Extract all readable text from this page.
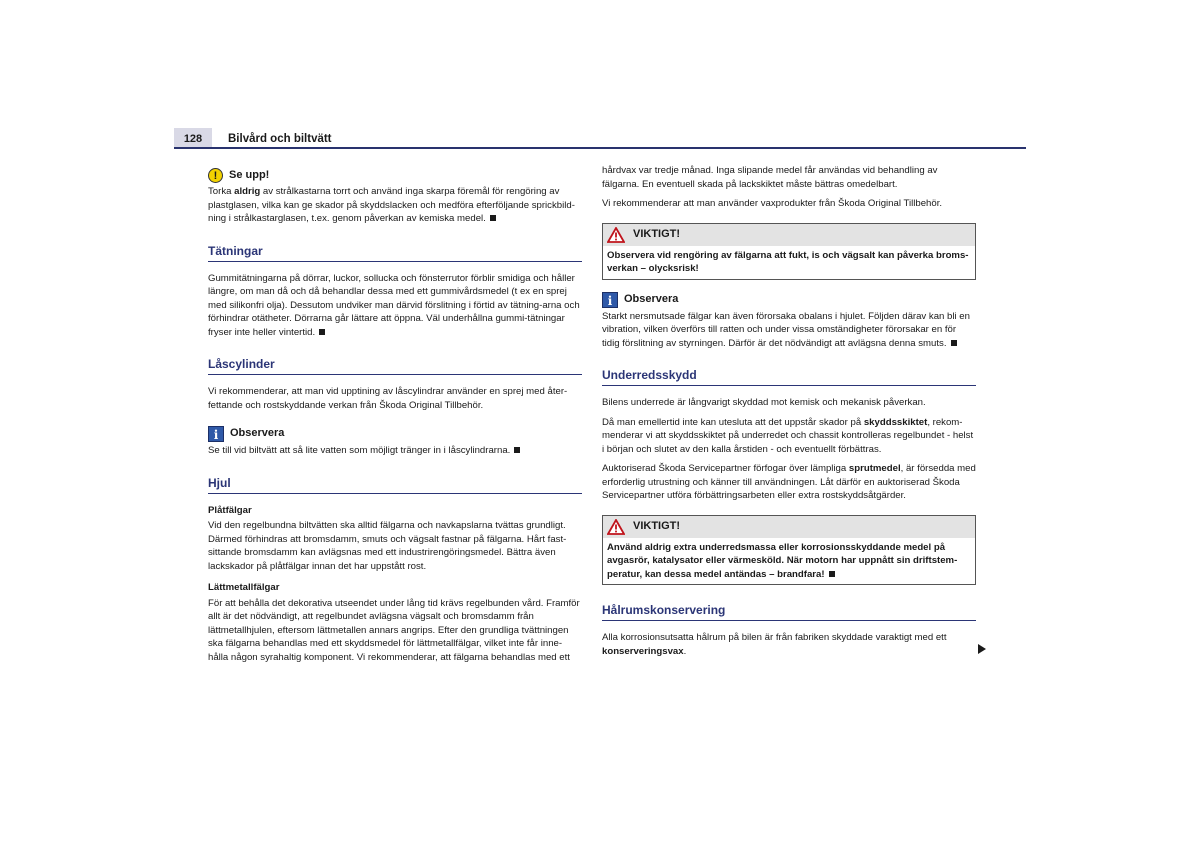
128	Bilvård och biltvätt
!	Se upp!

Torka aldrig av strålkastarna torrt och använd inga skarpa föremål för rengöring av plastglasen, vilka kan ge skador på skyddslacken och medföra efterföljande sprickbild-ning i strålkastarglasen, t.ex. genom påverkan av kemiska medel.

Tätningar

Gummitätningarna på dörrar, luckor, sollucka och fönsterrutor förblir smidiga och håller längre, om man då och då behandlar dessa med ett gummivårdsmedel (t ex en sprej med silikonfri olja). Dessutom undviker man därvid förslitning i förtid av tätning-arna och förhindrar otätheter. Dörrarna går lättare att öppna. Väl underhållna gummi-tätningar fryser inte heller vintertid.

Låscylinder

Vi rekommenderar, att man vid upptining av låscylindrar använder en sprej med åter-fettande och rostskyddande verkan från Škoda Original Tillbehör.

i	Observera

Se till vid biltvätt att så lite vatten som möjligt tränger in i låscylindrarna.

Hjul
Plåtfälgar

Vid den regelbundna biltvätten ska alltid fälgarna och navkapslarna tvättas grundligt. Därmed förhindras att bromsdamm, smuts och vägsalt fastnar på fälgarna. Hårt fast-sittande bromsdamm kan avlägsnas med ett industrirengöringsmedel. Bättra även lackskador på plåtfälgar innan det har uppstått rost.

Lättmetallfälgar

För att behålla det dekorativa utseendet under lång tid krävs regelbunden vård. Framför allt är det nödvändigt, att regelbundet avlägsna vägsalt och bromsdamm från lättmetallhjulen, eftersom lättmetallen annars angrips. Efter den grundliga tvättningen ska fälgarna behandlas med ett skyddsmedel för lättmetallfälgar, vilket inte får inne-hålla någon syrahaltig komponent. Vi rekommenderar, att fälgarna behandlas med ett

hårdvax var tredje månad. Inga slipande medel får användas vid behandling av fälgarna. En eventuell skada på lackskiktet måste bättras omedelbart.

Vi rekommenderar att man använder vaxprodukter från Škoda Original Tillbehör.

VIKTIGT!
Observera vid rengöring av fälgarna att fukt, is och vägsalt kan påverka broms-verkan – olycksrisk!
i	Observera

Starkt nersmutsade fälgar kan även förorsaka obalans i hjulet. Följden därav kan bli en vibration, vilken överförs till ratten och under vissa omständigheter förorsakar en för tidig förslitning av styrningen. Därför är det nödvändigt att avlägsna denna smuts.

Underredsskydd

Bilens underrede är långvarigt skyddad mot kemisk och mekanisk påverkan.

Då man emellertid inte kan utesluta att det uppstår skador på skyddsskiktet, rekom-menderar vi att skyddsskiktet på underredet och chassit kontrolleras regelbundet - helst i början och slutet av den kalla årstiden - och eventuellt förbättras.

Auktoriserad Škoda Servicepartner förfogar över lämpliga sprutmedel, är försedda med erforderlig utrustning och känner till användningen. Låt därför en auktoriserad Škoda Servicepartner utföra förbättringsarbeten eller extra rostskyddsåtgärder.

VIKTIGT!
Använd aldrig extra underredsmassa eller korrosionsskyddande medel på avgasrör, katalysator eller värmesköld. När motorn har uppnått sin driftstem-peratur, kan dessa medel antändas – brandfara!
Hålrumskonservering

Alla korrosionsutsatta hålrum på bilen är från fabriken skyddade varaktigt med ett konserveringsvax.
